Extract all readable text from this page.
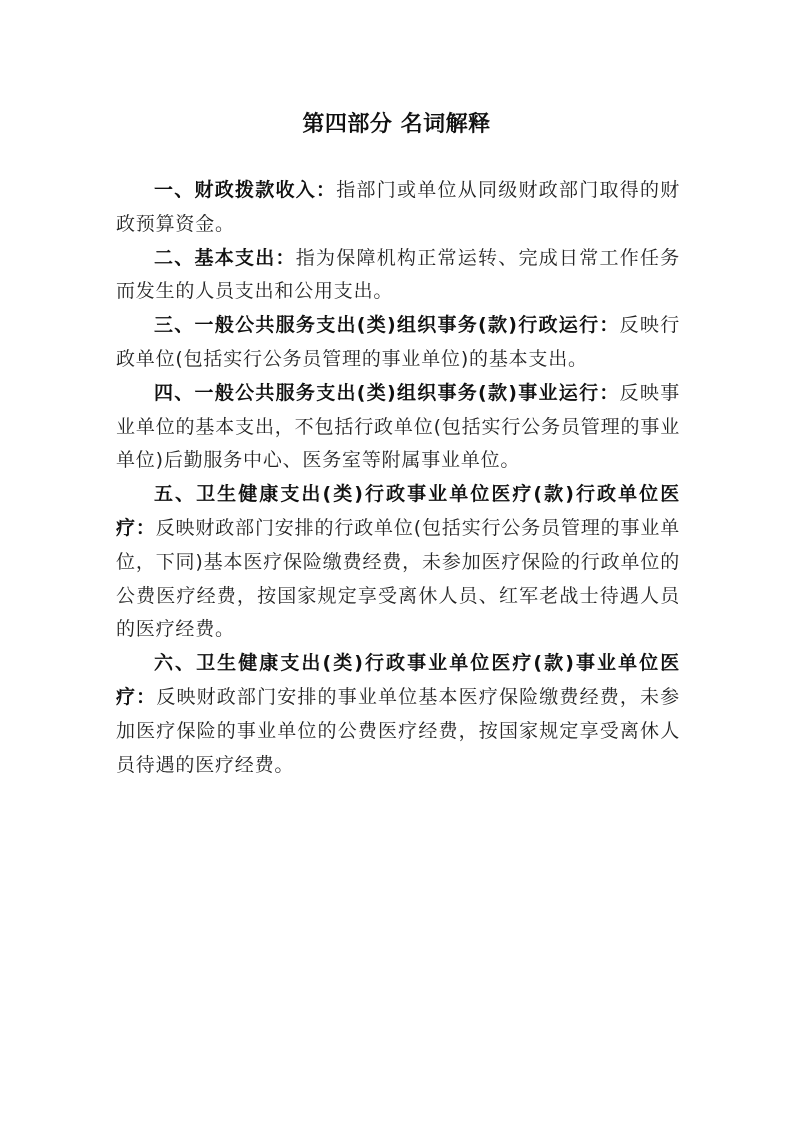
第四部分 名词解释

一、财政拨款收入：指部门或单位从同级财政部门取得的财政预算资金。

二、基本支出：指为保障机构正常运转、完成日常工作任务而发生的人员支出和公用支出。

三、一般公共服务支出(类)组织事务(款)行政运行：反映行政单位(包括实行公务员管理的事业单位)的基本支出。

四、一般公共服务支出(类)组织事务(款)事业运行：反映事业单位的基本支出，不包括行政单位(包括实行公务员管理的事业单位)后勤服务中心、医务室等附属事业单位。

五、卫生健康支出(类)行政事业单位医疗(款)行政单位医疗：反映财政部门安排的行政单位(包括实行公务员管理的事业单位，下同)基本医疗保险缴费经费，未参加医疗保险的行政单位的公费医疗经费，按国家规定享受离休人员、红军老战士待遇人员的医疗经费。

六、卫生健康支出(类)行政事业单位医疗(款)事业单位医疗：反映财政部门安排的事业单位基本医疗保险缴费经费，未参加医疗保险的事业单位的公费医疗经费，按国家规定享受离休人员待遇的医疗经费。
